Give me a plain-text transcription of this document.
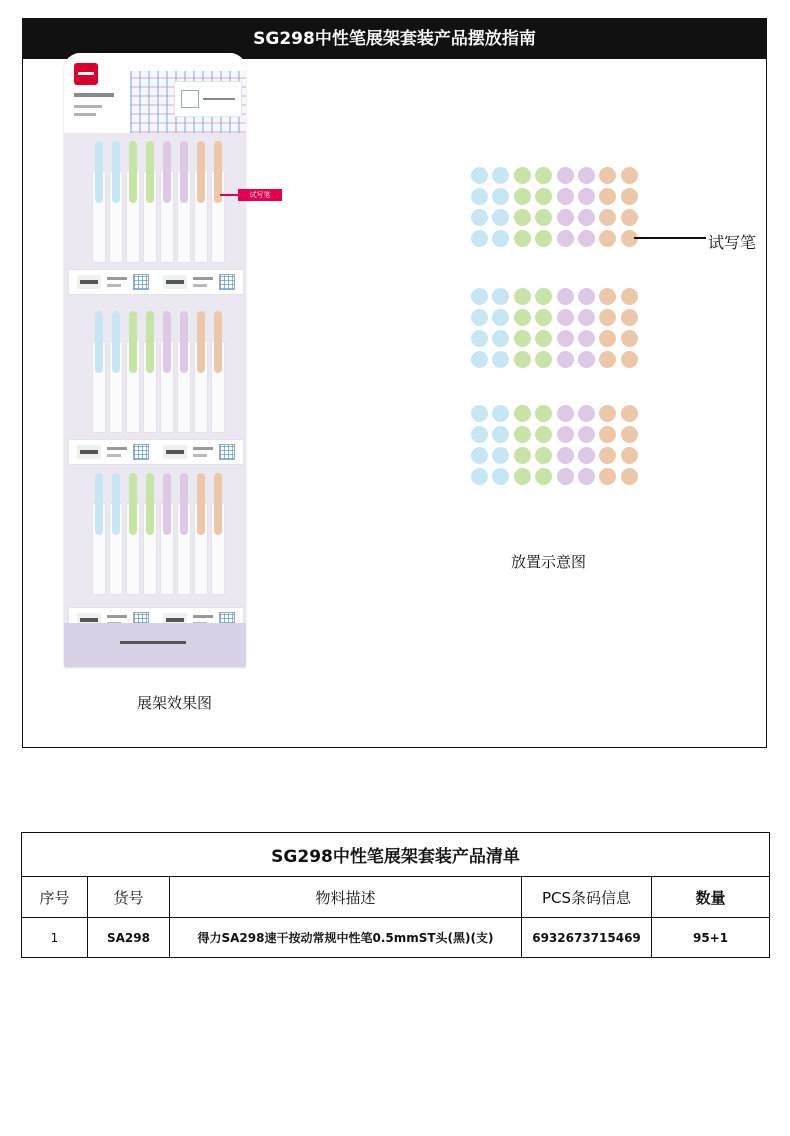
SG298中性笔展架套装产品摆放指南
试写笔
展架效果图
试写笔
放置示意图
SG298中性笔展架套装产品清单				
序号	货号	物料描述	PCS条码信息	数量
1	SA298	得力SA298速干按动常规中性笔0.5mmST头(黑)(支)	6932673715469	95+1
